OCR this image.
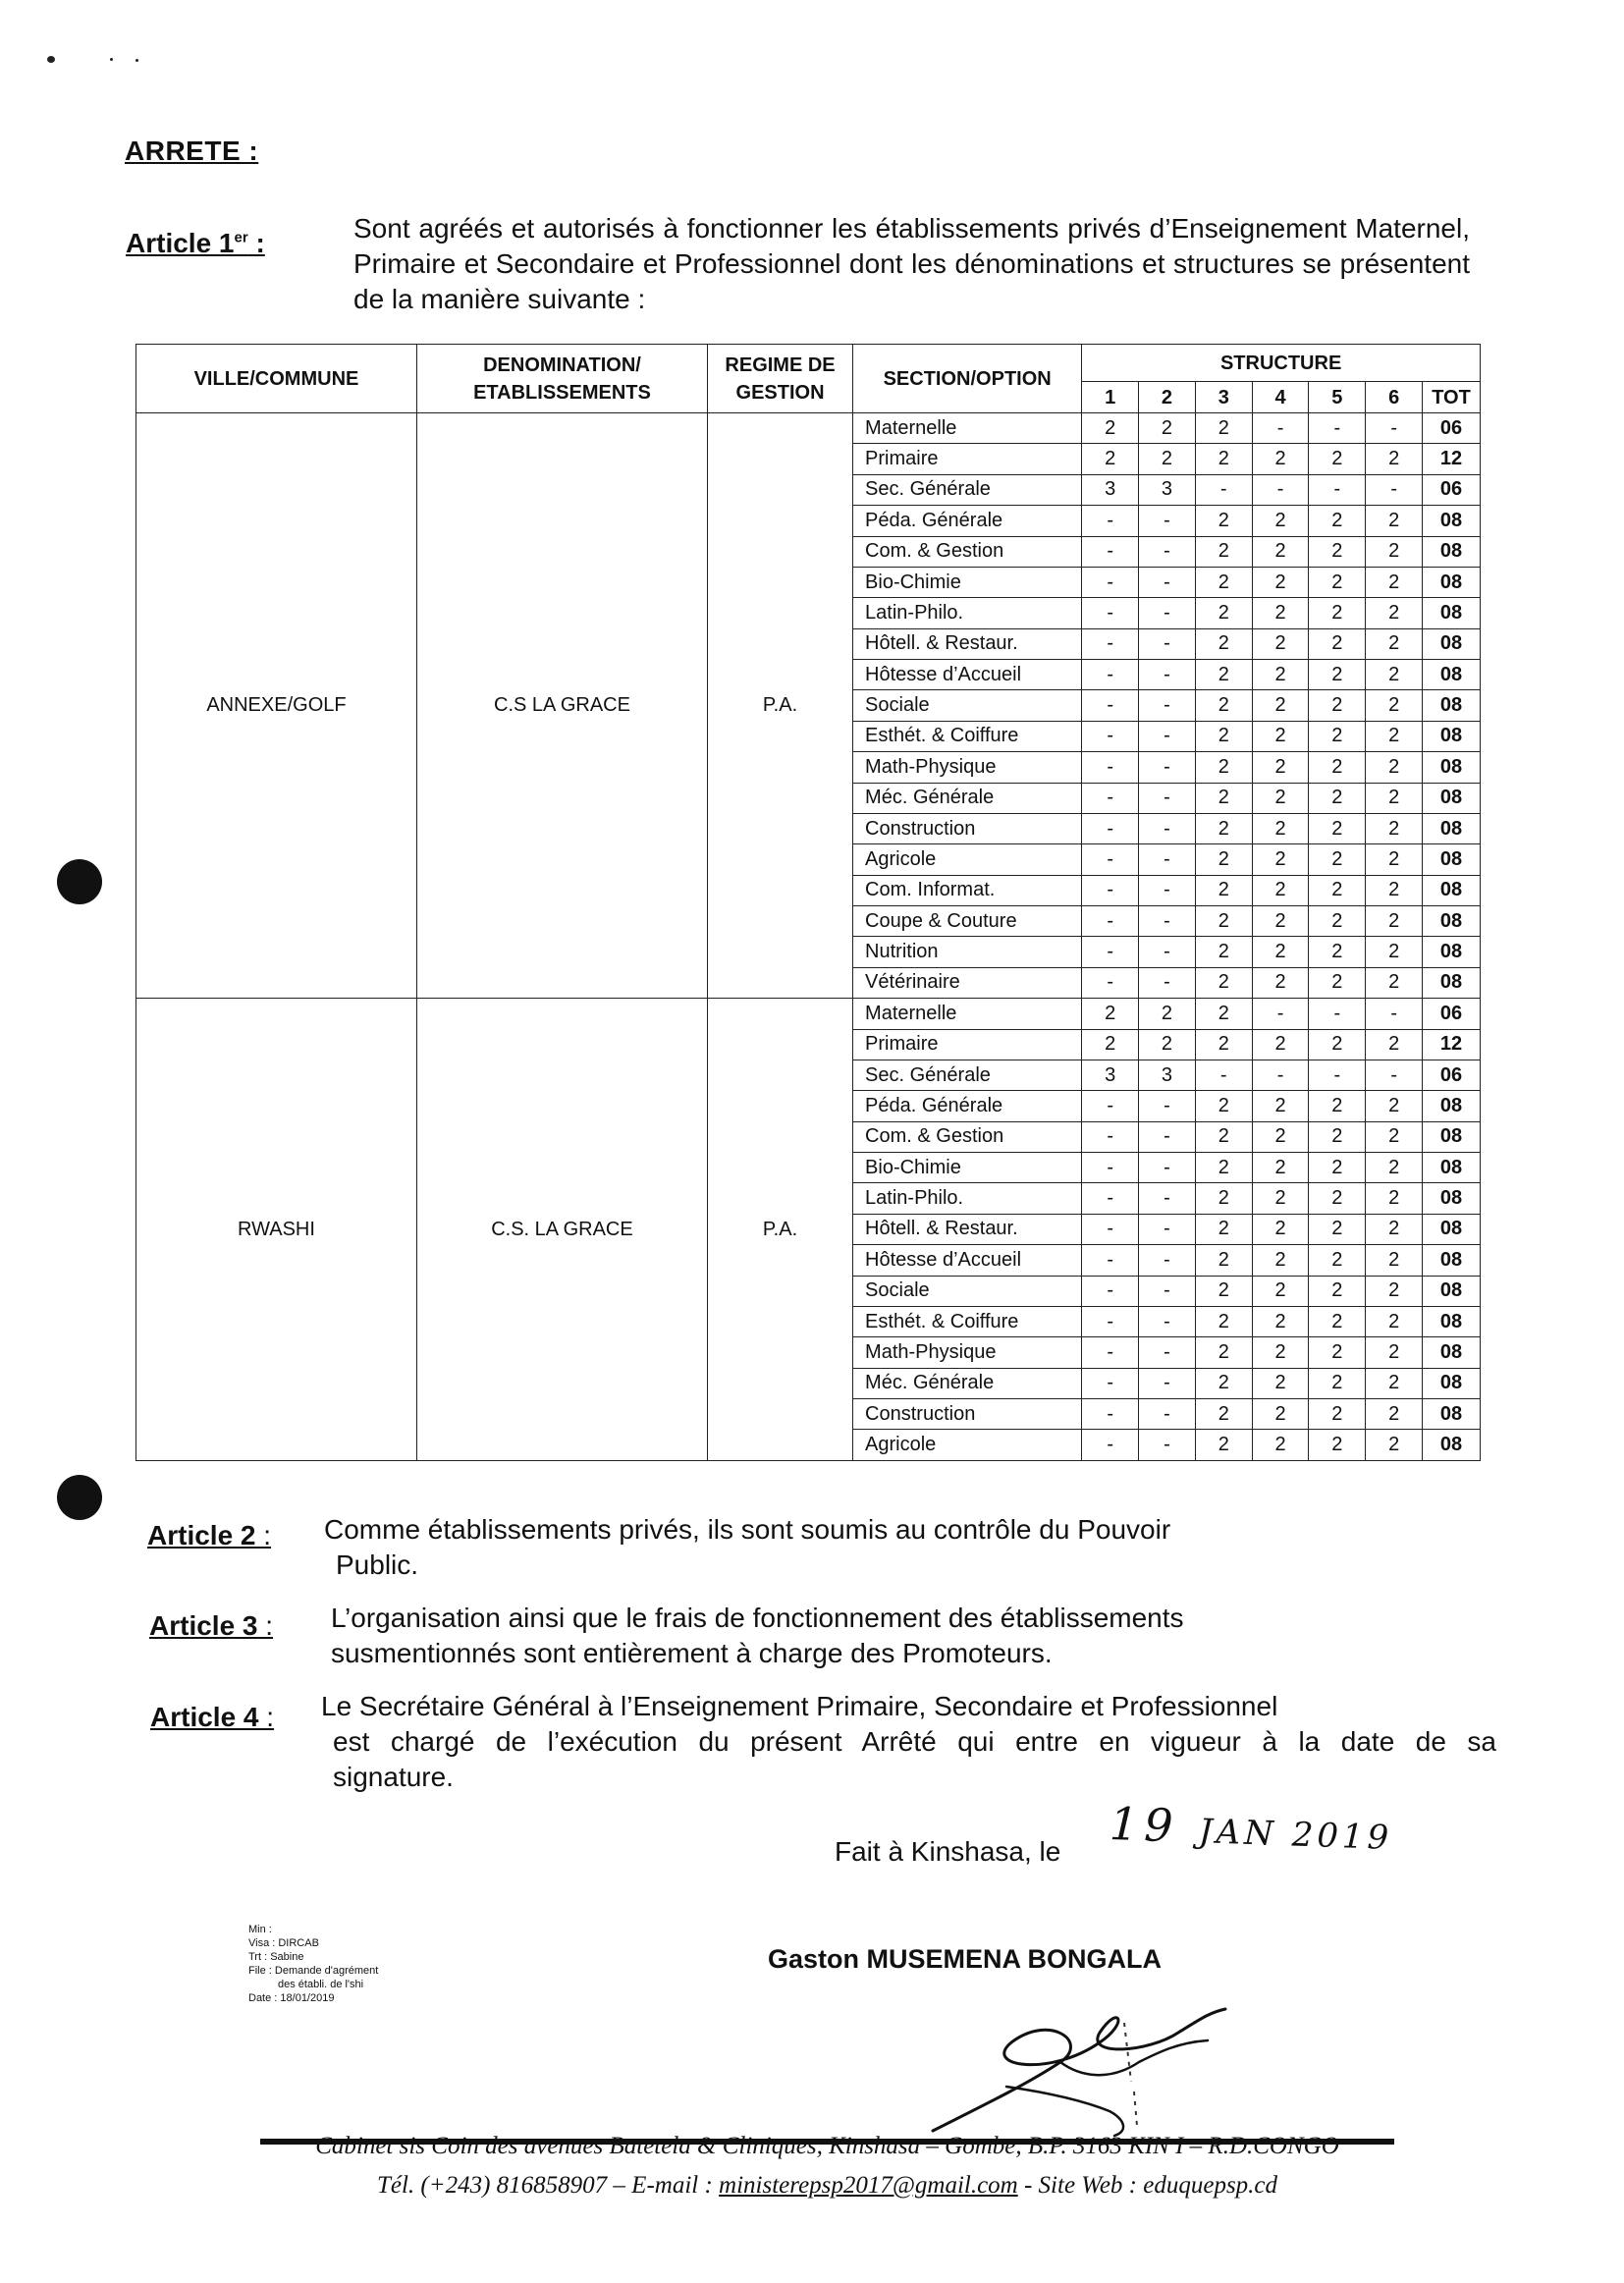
ARRETE :
Article 1er :	Sont agréés et autorisés à fonctionner les établissements privés d’Enseignement Maternel, Primaire et Secondaire et Professionnel dont les dénominations et structures se présentent de la manière suivante :
VILLE/COMMUNE	DENOMINATION/ ETABLISSEMENTS	REGIME DE GESTION	SECTION/OPTION	STRUCTURE						
				1	2	3	4	5	6	TOT
ANNEXE/GOLF	C.S LA GRACE	P.A.	Maternelle	2	2	2	-	-	-	06
			Primaire	2	2	2	2	2	2	12
			Sec. Générale	3	3	-	-	-	-	06
			Péda. Générale	-	-	2	2	2	2	08
			Com. & Gestion	-	-	2	2	2	2	08
			Bio-Chimie	-	-	2	2	2	2	08
			Latin-Philo.	-	-	2	2	2	2	08
			Hôtell. & Restaur.	-	-	2	2	2	2	08
			Hôtesse d’Accueil	-	-	2	2	2	2	08
			Sociale	-	-	2	2	2	2	08
			Esthét. & Coiffure	-	-	2	2	2	2	08
			Math-Physique	-	-	2	2	2	2	08
			Méc. Générale	-	-	2	2	2	2	08
			Construction	-	-	2	2	2	2	08
			Agricole	-	-	2	2	2	2	08
			Com. Informat.	-	-	2	2	2	2	08
			Coupe & Couture	-	-	2	2	2	2	08
			Nutrition	-	-	2	2	2	2	08
			Vétérinaire	-	-	2	2	2	2	08
RWASHI	C.S. LA GRACE	P.A.	Maternelle	2	2	2	-	-	-	06
			Primaire	2	2	2	2	2	2	12
			Sec. Générale	3	3	-	-	-	-	06
			Péda. Générale	-	-	2	2	2	2	08
			Com. & Gestion	-	-	2	2	2	2	08
			Bio-Chimie	-	-	2	2	2	2	08
			Latin-Philo.	-	-	2	2	2	2	08
			Hôtell. & Restaur.	-	-	2	2	2	2	08
			Hôtesse d’Accueil	-	-	2	2	2	2	08
			Sociale	-	-	2	2	2	2	08
			Esthét. & Coiffure	-	-	2	2	2	2	08
			Math-Physique	-	-	2	2	2	2	08
			Méc. Générale	-	-	2	2	2	2	08
			Construction	-	-	2	2	2	2	08
			Agricole	-	-	2	2	2	2	08
Article 2 : Comme établissements privés, ils sont soumis au contrôle du Pouvoir
Public.
Article 3 : L’organisation ainsi que le frais de fonctionnement des établissements
susmentionnés sont entièrement à charge des Promoteurs.
Article 4 : Le Secrétaire Général à l’Enseignement Primaire, Secondaire et Professionnel
est chargé de l’exécution du présent Arrêté qui entre en vigueur à la date de sa
signature.
Fait à Kinshasa, le 19 JAN 2019
Min :
Visa : DIRCAB
Trt : Sabine
File : Demande d'agrément
des établi. de l'shi
Date : 18/01/2019
Gaston MUSEMENA BONGALA
Cabinet sis Coin des avenues Batetela & Cliniques, Kinshasa – Gombe, B.P. 3163 KIN I – R.D.CONGO
Tél. (+243) 816858907 – E-mail : ministerepsp2017@gmail.com - Site Web : eduquepsp.cd
